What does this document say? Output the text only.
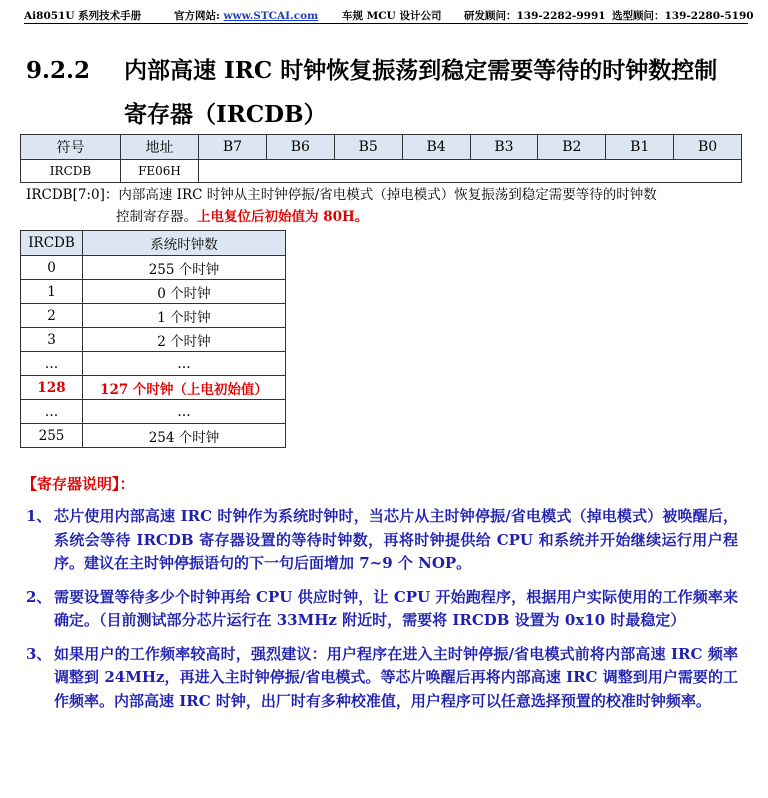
Ai8051U 系列技术手册	官方网站: www.STCAI.com 车规 MCU 设计公司 研发顾问：139-2282-9991 选型顾问：139-2280-5190
9.2.2 内部高速 IRC 时钟恢复振荡到稳定需要等待的时钟数控制
寄存器（IRCDB）
符号	地址	B7	B6	B5	B4	B3	B2	B1	B0
IRCDB	FE06H								
IRCDB[7:0]：内部高速 IRC 时钟从主时钟停振/省电模式（掉电模式）恢复振荡到稳定需要等待的时钟数
控制寄存器。上电复位后初始值为 80H。
IRCDB	系统时钟数
0	255 个时钟
1	0 个时钟
2	1 个时钟
3	2 个时钟
…	…
128	127 个时钟（上电初始值）
…	…
255	254 个时钟
【寄存器说明】：
1、 芯片使用内部高速 IRC 时钟作为系统时钟时，当芯片从主时钟停振/省电模式（掉电模式）被唤醒后，系统会等待 IRCDB 寄存器设置的等待时钟数，再将时钟提供给 CPU 和系统并开始继续运行用户程序。建议在主时钟停振语句的下一句后面增加 7~9 个 NOP。
2、 需要设置等待多少个时钟再给 CPU 供应时钟，让 CPU 开始跑程序，根据用户实际使用的工作频率来确定。（目前测试部分芯片运行在 33MHz 附近时，需要将 IRCDB 设置为 0x10 时最稳定）
3、 如果用户的工作频率较高时，强烈建议：用户程序在进入主时钟停振/省电模式前将内部高速 IRC 频率调整到 24MHz，再进入主时钟停振/省电模式。等芯片唤醒后再将内部高速 IRC 调整到用户需要的工作频率。内部高速 IRC 时钟，出厂时有多种校准值，用户程序可以任意选择预置的校准时钟频率。
